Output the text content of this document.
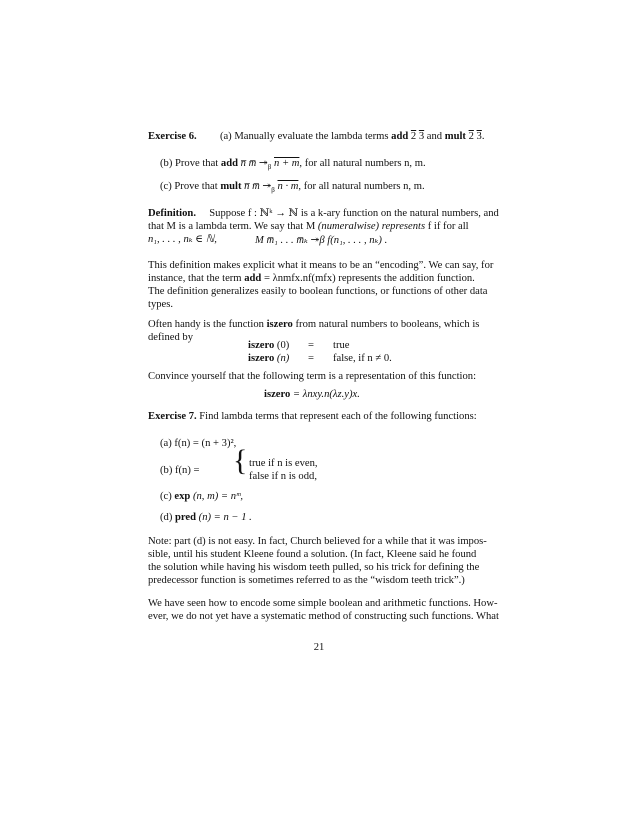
Exercise 6. (a) Manually evaluate the lambda terms add 2 3 and mult 2 3.
(b) Prove that add n̅ m̅ $↠_\beta$ n + m, for all natural numbers n, m.
(c) Prove that mult n̅ m̅ $↠_\beta$ n · m, for all natural numbers n, m.
Definition. Suppose f : ℕᵏ → ℕ is a k-ary function on the natural numbers, and
that M is a lambda term. We say that M (numeralwise) represents f if for all
n₁, . . . , nₖ ∈ ℕ,	M m̅₁ . . . m̅ₖ ↠β f(n₁, . . . , nₖ) .
This definition makes explicit what it means to be an “encoding”. We can say, for
instance, that the term add = λnmfx.nf(mfx) represents the addition function.
The definition generalizes easily to boolean functions, or functions of other data
types.
Often handy is the function iszero from natural numbers to booleans, which is
defined by
iszero (0) = true
iszero (n) = false, if n ≠ 0.
Convince yourself that the following term is a representation of this function:
iszero = λnxy.n(λz.y)x.
Exercise 7. Find lambda terms that represent each of the following functions:
(a) f(n) = (n + 3)²,
(b) f(n) =	{ true if n is even,
false if n is odd,
(c) exp (n, m) = nᵐ,
(d) pred (n) = n − 1 .
Note: part (d) is not easy. In fact, Church believed for a while that it was impos-
sible, until his student Kleene found a solution. (In fact, Kleene said he found
the solution while having his wisdom teeth pulled, so his trick for defining the
predecessor function is sometimes referred to as the “wisdom teeth trick”.)
We have seen how to encode some simple boolean and arithmetic functions. How-
ever, we do not yet have a systematic method of constructing such functions. What
21
